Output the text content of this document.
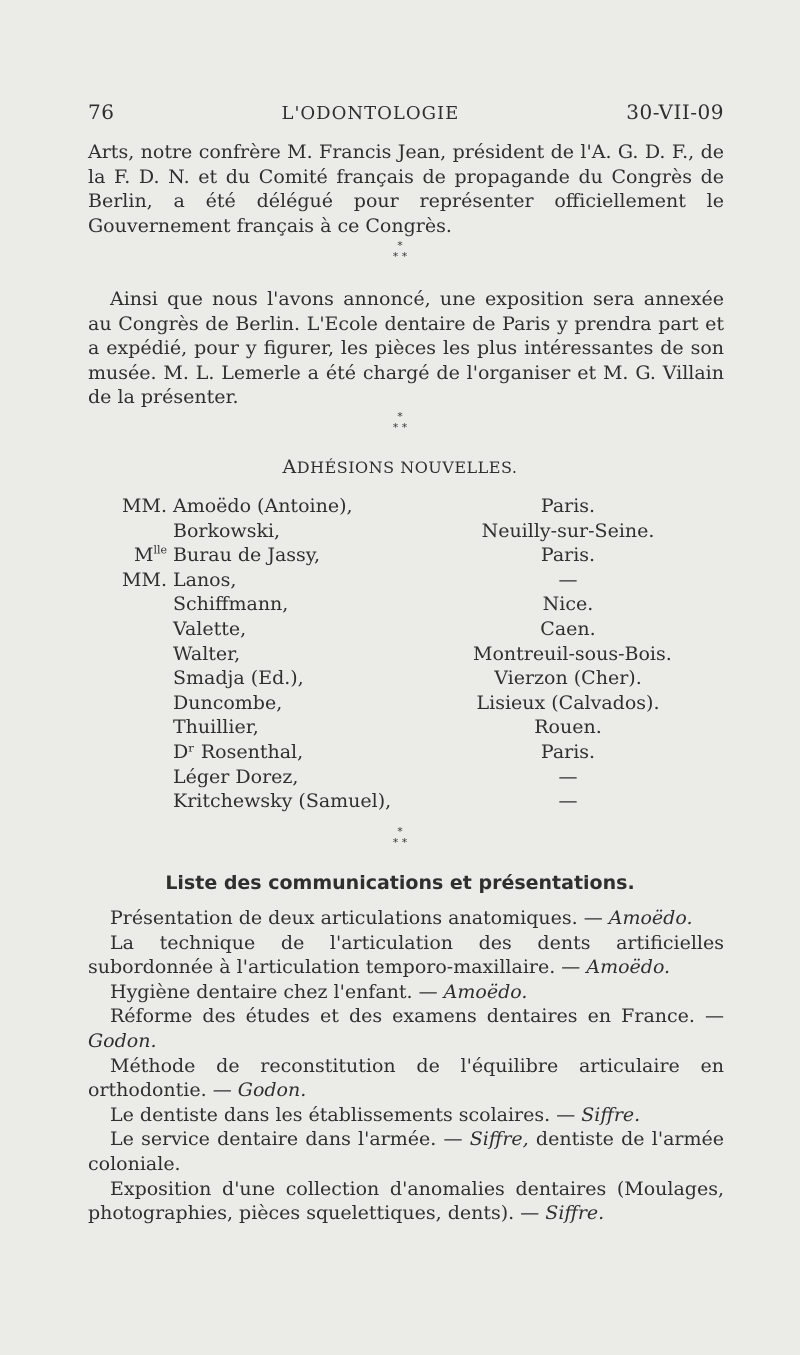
76	L'ODONTOLOGIE	30-VII-09
Arts, notre confrère M. Francis Jean, président de l'A. G. D. F., de la F. D. N. et du Comité français de propagande du Congrès de Berlin, a été délégué pour représenter officiellement le Gouvernement français à ce Congrès.
*
* *
Ainsi que nous l'avons annoncé, une exposition sera annexée au Congrès de Berlin. L'Ecole dentaire de Paris y prendra part et a expédié, pour y figurer, les pièces les plus intéressantes de son musée. M. L. Lemerle a été chargé de l'organiser et M. G. Villain de la présenter.
*
* *
ADHÉSIONS NOUVELLES.
MM. Amoëdo (Antoine),	Paris.
Borkowski,	Neuilly-sur-Seine.
$M^{lle}$ Burau de Jassy,	Paris.
MM. Lanos,	—
Schiffmann,	Nice.
Valette,	Caen.
Walter,	Montreuil-sous-Bois.
Smadja (Ed.),	Vierzon (Cher).
Duncombe,	Lisieux (Calvados).
Thuillier,	Rouen.
Dʳ Rosenthal,	Paris.
Léger Dorez,	—
Kritchewsky (Samuel),	—
*
* *
Liste des communications et présentations.
Présentation de deux articulations anatomiques. — Amoëdo.
La technique de l'articulation des dents artificielles subordonnée à l'articulation temporo-maxillaire. — Amoëdo.
Hygiène dentaire chez l'enfant. — Amoëdo.
Réforme des études et des examens dentaires en France. — Godon.
Méthode de reconstitution de l'équilibre articulaire en orthodontie. — Godon.
Le dentiste dans les établissements scolaires. — Siffre.
Le service dentaire dans l'armée. — Siffre, dentiste de l'armée coloniale.
Exposition d'une collection d'anomalies dentaires (Moulages, photographies, pièces squelettiques, dents). — Siffre.
